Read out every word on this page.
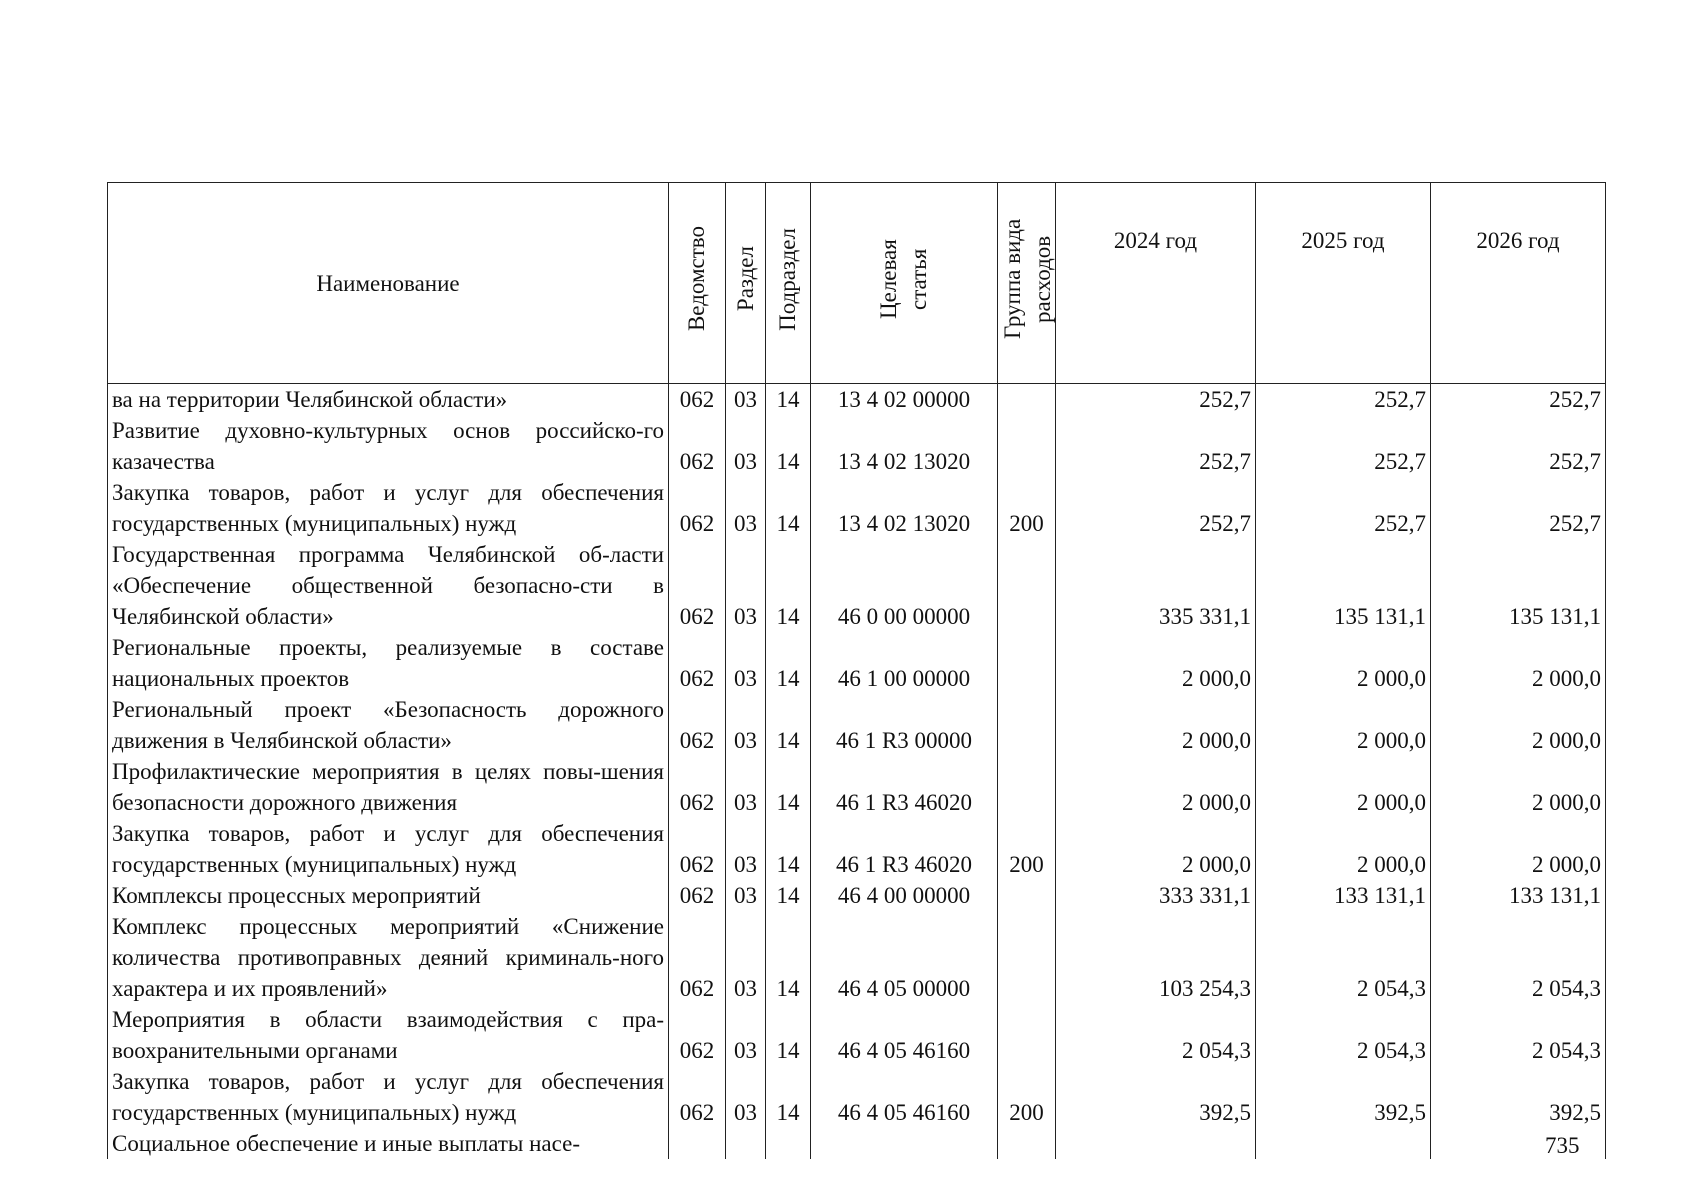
Наименование	Ведомство	Раздел	Подраздел	Целевая статья	Группа вида расходов	2024 год	2025 год	2026 год
ва на территории Челябинской области»	062	03	14	13 4 02 00000		252,7	252,7	252,7
Развитие духовно-культурных основ российско-го казачества	062	03	14	13 4 02 13020		252,7	252,7	252,7
Закупка товаров, работ и услуг для обеспечения государственных (муниципальных) нужд	062	03	14	13 4 02 13020	200	252,7	252,7	252,7
Государственная программа Челябинской об-ласти «Обеспечение общественной безопасно-сти в Челябинской области»	062	03	14	46 0 00 00000		335 331,1	135 131,1	135 131,1
Региональные проекты, реализуемые в составе национальных проектов	062	03	14	46 1 00 00000		2 000,0	2 000,0	2 000,0
Региональный проект «Безопасность дорожного движения в Челябинской области»	062	03	14	46 1 R3 00000		2 000,0	2 000,0	2 000,0
Профилактические мероприятия в целях повы-шения безопасности дорожного движения	062	03	14	46 1 R3 46020		2 000,0	2 000,0	2 000,0
Закупка товаров, работ и услуг для обеспечения государственных (муниципальных) нужд	062	03	14	46 1 R3 46020	200	2 000,0	2 000,0	2 000,0
Комплексы процессных мероприятий	062	03	14	46 4 00 00000		333 331,1	133 131,1	133 131,1
Комплекс процессных мероприятий «Снижение количества противоправных деяний криминаль-ного характера и их проявлений»	062	03	14	46 4 05 00000		103 254,3	2 054,3	2 054,3
Мероприятия в области взаимодействия с пра-воохранительными органами	062	03	14	46 4 05 46160		2 054,3	2 054,3	2 054,3
Закупка товаров, работ и услуг для обеспечения государственных (муниципальных) нужд	062	03	14	46 4 05 46160	200	392,5	392,5	392,5
Социальное обеспечение и иные выплаты насе-									735
